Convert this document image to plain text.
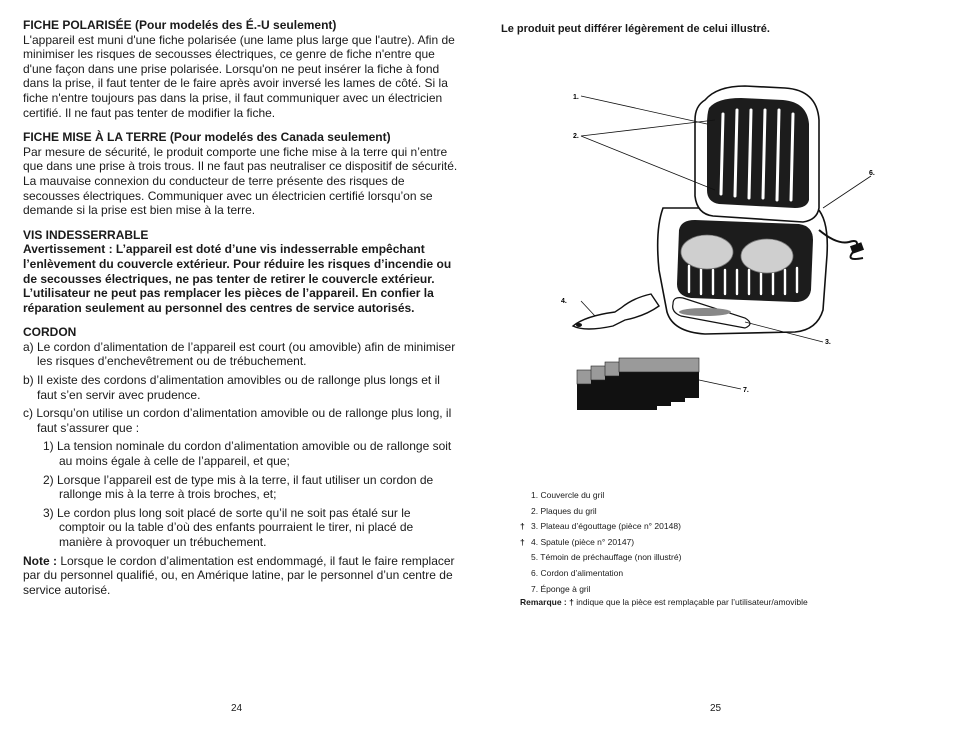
FICHE POLARISÉE (Pour modelés des É.-U seulement)

L'appareil est muni d'une fiche polarisée (une lame plus large que l'autre). Afin de minimiser les risques de secousses électriques, ce genre de fiche n'entre que d'une façon dans une prise polarisée. Lorsqu'on ne peut insérer la fiche à fond dans la prise, il faut tenter de le faire après avoir inversé les lames de côté. Si la fiche n'entre toujours pas dans la prise, il faut communiquer avec un électricien certifié. Il ne faut pas tenter de modifier la fiche.

FICHE MISE À LA TERRE (Pour modelés des Canada seulement)

Par mesure de sécurité, le produit comporte une fiche mise à la terre qui n’entre que dans une prise à trois trous. Il ne faut pas neutraliser ce dispositif de sécurité. La mauvaise connexion du conducteur de terre présente des risques de secousses électriques. Communiquer avec un électricien certifié lorsqu’on se demande si la prise est bien mise à la terre.

VIS INDESSERRABLE

Avertissement : L’appareil est doté d’une vis indesserrable empêchant l’enlèvement du couvercle extérieur. Pour réduire les risques d’incendie ou de secousses électriques, ne pas tenter de retirer le couvercle extérieur. L’utilisateur ne peut pas remplacer les pièces de l’appareil. En confier la réparation seulement au personnel des centres de service autorisés.

CORDON

a) Le cordon d’alimentation de l’appareil est court (ou amovible) afin de minimiser les risques d’enchevêtrement ou de trébuchement.

b) Il existe des cordons d’alimentation amovibles ou de rallonge plus longs et il faut s’en servir avec prudence.

c) Lorsqu’on utilise un cordon d’alimentation amovible ou de rallonge plus long, il faut s’assurer que :

1) La tension nominale du cordon d’alimentation amovible ou de rallonge soit au moins égale à celle de l’appareil, et que;

2) Lorsque l’appareil est de type mis à la terre, il faut utiliser un cordon de rallonge mis à la terre à trois broches, et;

3) Le cordon plus long soit placé de sorte qu’il ne soit pas étalé sur le comptoir ou la table d’où des enfants pourraient le tirer, ni placé de manière à provoquer un trébuchement.

Note : Lorsque le cordon d’alimentation est endommagé, il faut le faire remplacer par du personnel qualifié, ou, en Amérique latine, par le personnel d’un centre de service autorisé.

24
Le produit peut différer légèrement de celui illustré.
1.
2.
3.
4.
6.
7.
1. Couvercle du gril
2. Plaques du gril
† 3. Plateau d’égouttage (pièce n° 20148)
† 4. Spatule (pièce n° 20147)
5. Témoin de préchauffage (non illustré)
6. Cordon d’alimentation
7. Éponge à gril
Remarque : † indique que la pièce est remplaçable par l’utilisateur/amovible
25
